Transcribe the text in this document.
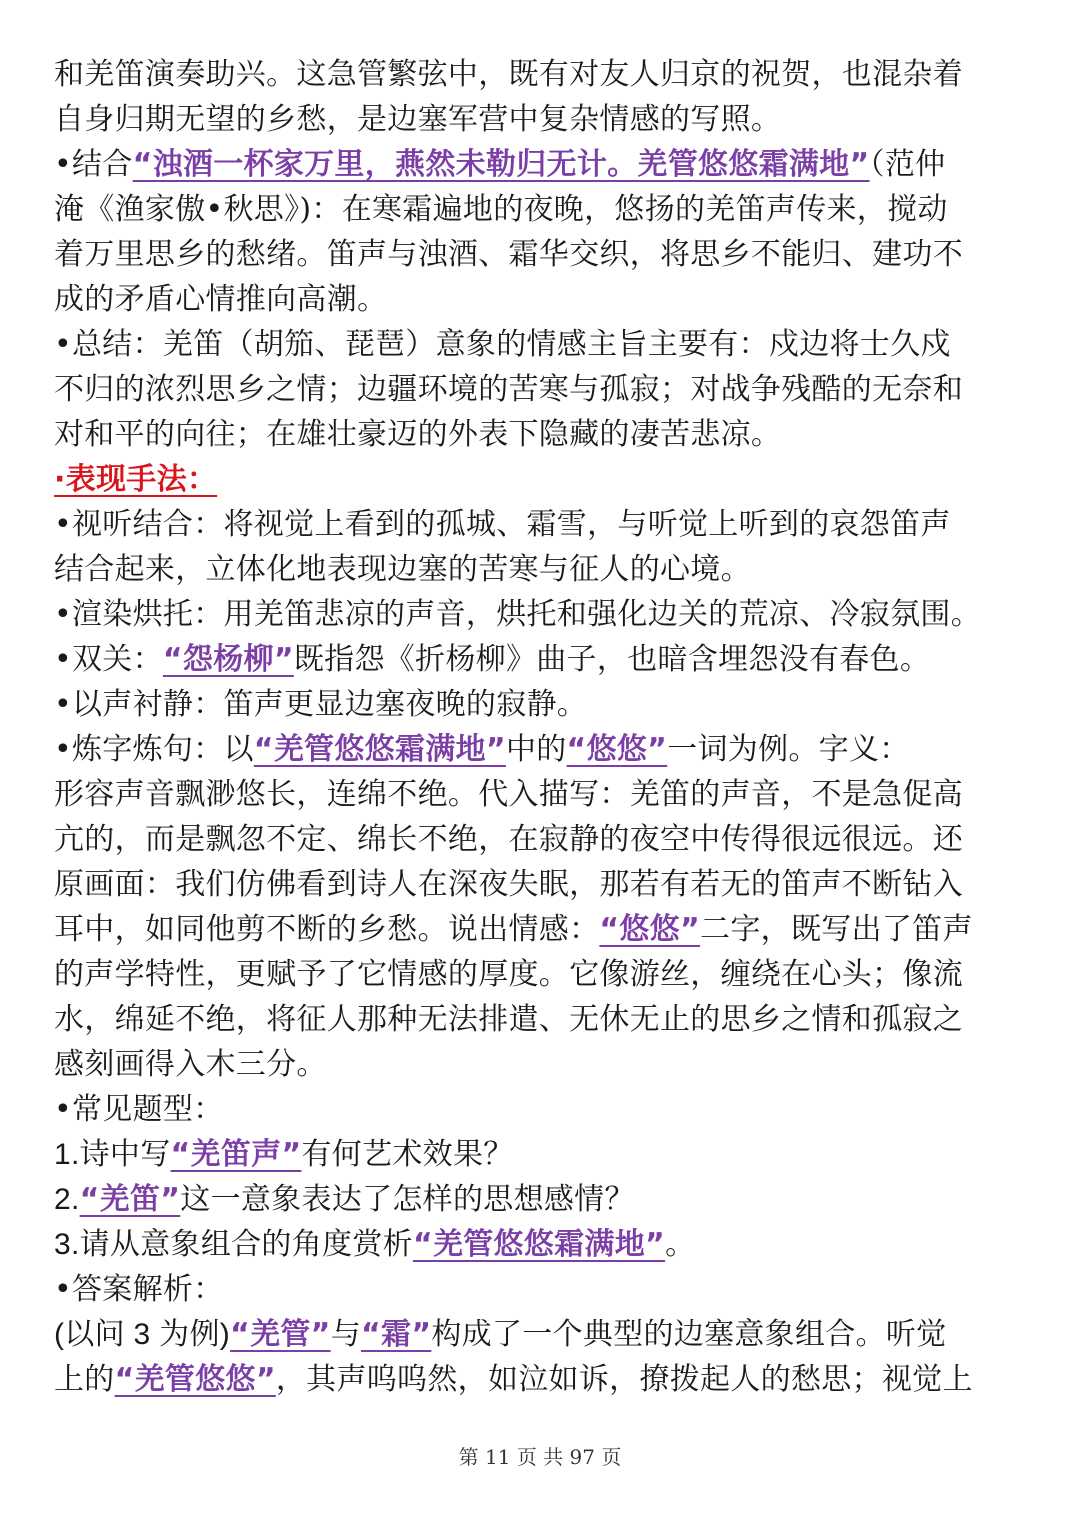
和羌笛演奏助兴。这急管繁弦中，既有对友人归京的祝贺，也混杂着
自身归期无望的乡愁，是边塞军营中复杂情感的写照。
•结合“浊酒一杯家万里，燕然未勒归无计。羌管悠悠霜满地”（范仲
淹《渔家傲•秋思》)：在寒霜遍地的夜晚，悠扬的羌笛声传来，搅动
着万里思乡的愁绪。笛声与浊酒、霜华交织，将思乡不能归、建功不
成的矛盾心情推向高潮。
•总结：羌笛（胡笳、琵琶）意象的情感主旨主要有：戍边将士久戍
不归的浓烈思乡之情；边疆环境的苦寒与孤寂；对战争残酷的无奈和
对和平的向往；在雄壮豪迈的外表下隐藏的凄苦悲凉。
·表现手法：
•视听结合：将视觉上看到的孤城、霜雪，与听觉上听到的哀怨笛声
结合起来，立体化地表现边塞的苦寒与征人的心境。
•渲染烘托：用羌笛悲凉的声音，烘托和强化边关的荒凉、冷寂氛围。
•双关：“怨杨柳”既指怨《折杨柳》曲子，也暗含埋怨没有春色。
•以声衬静：笛声更显边塞夜晚的寂静。
•炼字炼句：以“羌管悠悠霜满地”中的“悠悠”一词为例。字义：
形容声音飘渺悠长，连绵不绝。代入描写：羌笛的声音，不是急促高
亢的，而是飘忽不定、绵长不绝，在寂静的夜空中传得很远很远。还
原画面：我们仿佛看到诗人在深夜失眠，那若有若无的笛声不断钻入
耳中，如同他剪不断的乡愁。说出情感：“悠悠”二字，既写出了笛声
的声学特性，更赋予了它情感的厚度。它像游丝，缠绕在心头；像流
水，绵延不绝，将征人那种无法排遣、无休无止的思乡之情和孤寂之
感刻画得入木三分。
•常见题型：
1.诗中写“羌笛声”有何艺术效果？
2.“羌笛”这一意象表达了怎样的思想感情？
3.请从意象组合的角度赏析“羌管悠悠霜满地”。
•答案解析：
(以问 3 为例)“羌管”与“霜”构成了一个典型的边塞意象组合。听觉
上的“羌管悠悠”，其声呜呜然，如泣如诉，撩拨起人的愁思；视觉上
第 11 页 共 97 页
